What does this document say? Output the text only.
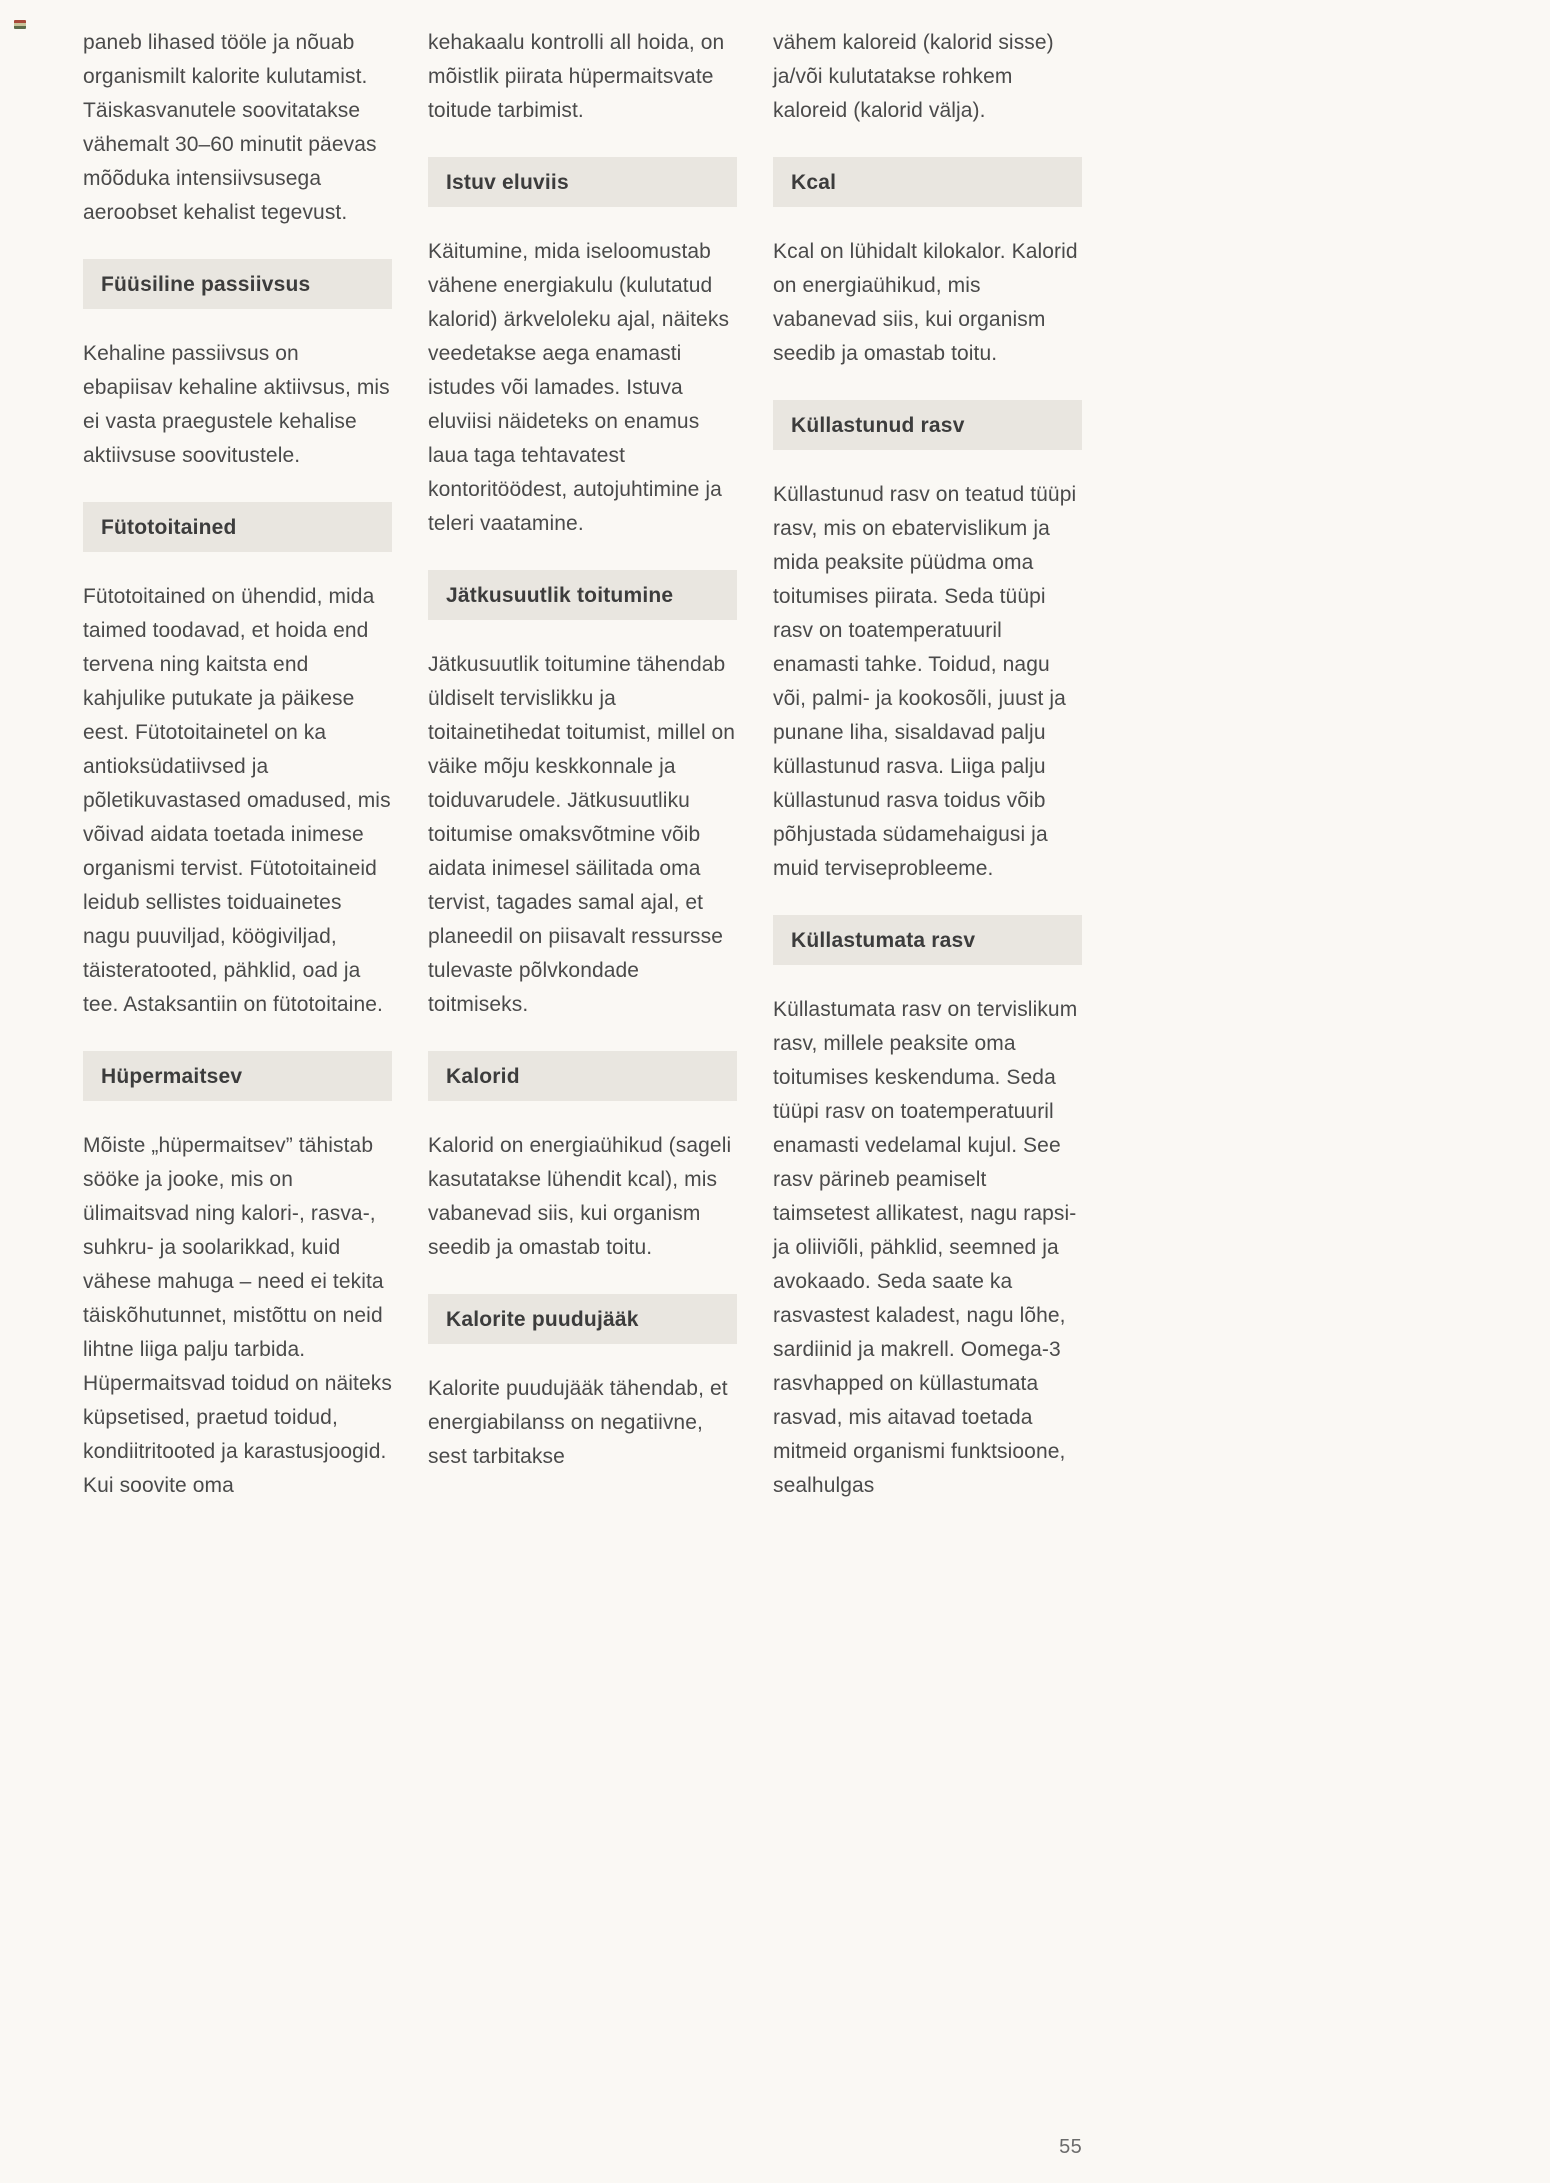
paneb lihased tööle ja nõuab organismilt kalorite kulutamist. Täiskasvanutele soovitatakse vähemalt 30–60 minutit päevas mõõduka intensiivsusega aeroobset kehalist tegevust.
Füüsiline passiivsus
Kehaline passiivsus on ebapiisav kehaline aktiivsus, mis ei vasta praegustele kehalise aktiivsuse soovitustele.
Fütotoitained
Fütotoitained on ühendid, mida taimed toodavad, et hoida end tervena ning kaitsta end kahjulike putukate ja päikese eest. Fütotoitainetel on ka antioksüdatiivsed ja põletikuvastased omadused, mis võivad aidata toetada inimese organismi tervist. Fütotoitaineid leidub sellistes toiduainetes nagu puuviljad, köögiviljad, täisteratooted, pähklid, oad ja tee. Astaksantiin on fütotoitaine.
Hüpermaitsev
Mõiste „hüpermaitsev” tähistab sööke ja jooke, mis on ülimaitsvad ning kalori-, rasva-, suhkru- ja soolarikkad, kuid vähese mahuga – need ei tekita täiskõhutunnet, mistõttu on neid lihtne liiga palju tarbida. Hüpermaitsvad toidud on näiteks küpsetised, praetud toidud, kondiitritooted ja karastusjoogid. Kui soovite oma
kehakaalu kontrolli all hoida, on mõistlik piirata hüpermaitsvate toitude tarbimist.
Istuv eluviis
Käitumine, mida iseloomustab vähene energiakulu (kulutatud kalorid) ärkveloleku ajal, näiteks veedetakse aega enamasti istudes või lamades. Istuva eluviisi näideteks on enamus laua taga tehtavatest kontoritöödest, autojuhtimine ja teleri vaatamine.
Jätkusuutlik toitumine
Jätkusuutlik toitumine tähendab üldiselt tervislikku ja toitainetihedat toitumist, millel on väike mõju keskkonnale ja toiduvarudele. Jätkusuutliku toitumise omaksvõtmine võib aidata inimesel säilitada oma tervist, tagades samal ajal, et planeedil on piisavalt ressursse tulevaste põlvkondade toitmiseks.
Kalorid
Kalorid on energiaühikud (sageli kasutatakse lühendit kcal), mis vabanevad siis, kui organism seedib ja omastab toitu.
Kalorite puudujääk
Kalorite puudujääk tähendab, et energiabilanss on negatiivne, sest tarbitakse
vähem kaloreid (kalorid sisse) ja/või kulutatakse rohkem kaloreid (kalorid välja).
Kcal
Kcal on lühidalt kilokalor. Kalorid on energiaühikud, mis vabanevad siis, kui organism seedib ja omastab toitu.
Küllastunud rasv
Küllastunud rasv on teatud tüüpi rasv, mis on ebatervislikum ja mida peaksite püüdma oma toitumises piirata. Seda tüüpi rasv on toatemperatuuril enamasti tahke. Toidud, nagu või, palmi- ja kookosõli, juust ja punane liha, sisaldavad palju küllastunud rasva. Liiga palju küllastunud rasva toidus võib põhjustada südamehaigusi ja muid terviseprobleeme.
Küllastumata rasv
Küllastumata rasv on tervislikum rasv, millele peaksite oma toitumises keskenduma. Seda tüüpi rasv on toatemperatuuril enamasti vedelamal kujul. See rasv pärineb peamiselt taimsetest allikatest, nagu rapsi- ja oliiviõli, pähklid, seemned ja avokaado. Seda saate ka rasvastest kaladest, nagu lõhe, sardiinid ja makrell. Oomega-3 rasvhapped on küllastumata rasvad, mis aitavad toetada mitmeid organismi funktsioone, sealhulgas
55
